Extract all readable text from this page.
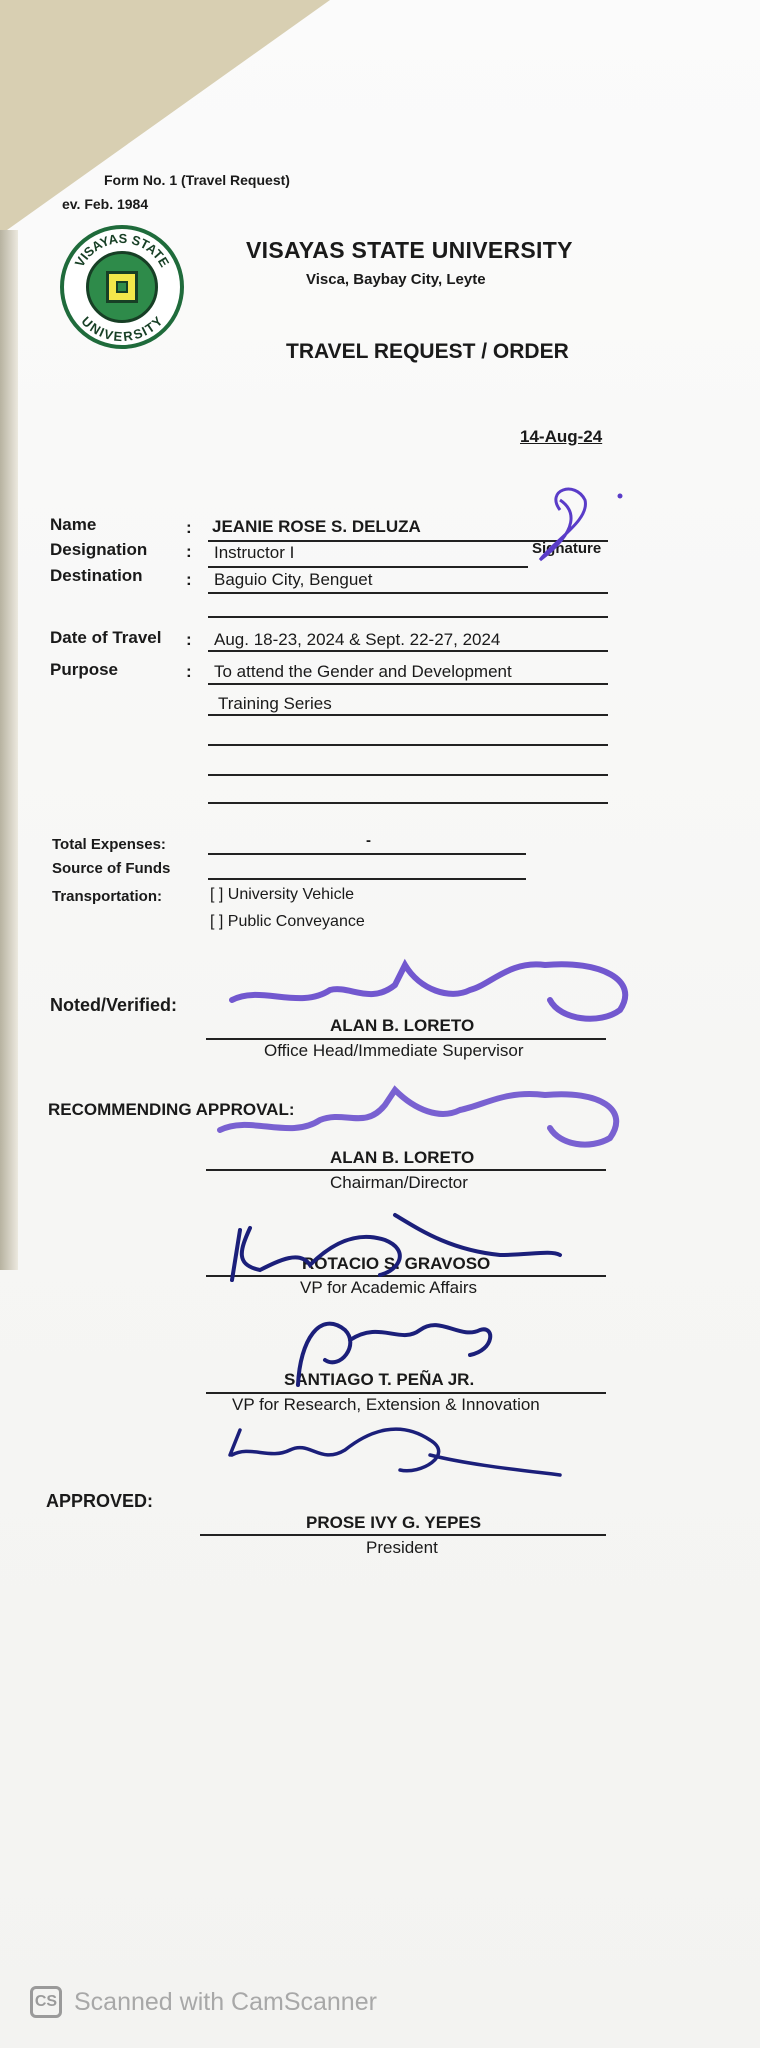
Form No. 1 (Travel Request)
ev. Feb. 1984
VISAYAS STATE
UNIVERSITY
VISAYAS STATE UNIVERSITY
Visca, Baybay City, Leyte
TRAVEL REQUEST / ORDER
14-Aug-24
Name	: JEANIE ROSE S. DELUZA
Signature
Designation : Instructor I
Destination	: Baguio City, Benguet
Date of Travel : Aug. 18-23, 2024 & Sept. 22-27, 2024
Purpose	: To attend the Gender and Development
Training Series
Total Expenses:	-
Source of Funds
Transportation:	[ ] University Vehicle
[ ] Public Conveyance
Noted/Verified:
ALAN B. LORETO
Office Head/Immediate Supervisor
RECOMMENDING APPROVAL:
ALAN B. LORETO
Chairman/Director
ROTACIO S. GRAVOSO
VP for Academic Affairs
SANTIAGO T. PEÑA JR.
VP for Research, Extension & Innovation
APPROVED:
PROSE IVY G. YEPES
President
CS Scanned with CamScanner
